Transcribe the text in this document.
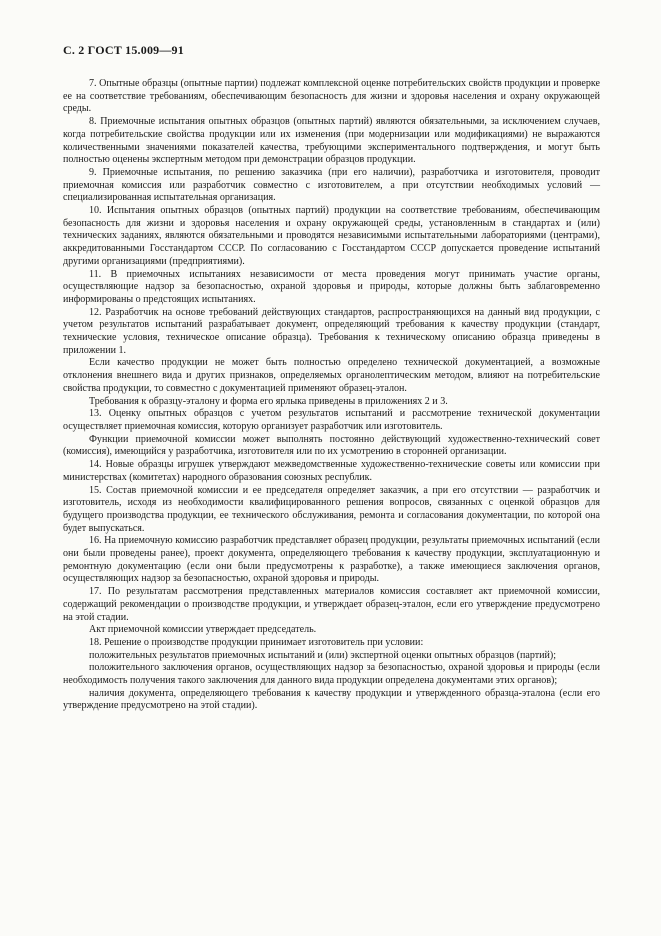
С. 2 ГОСТ 15.009—91

7. Опытные образцы (опытные партии) подлежат комплексной оценке потребительских свойств продукции и проверке ее на соответствие требованиям, обеспечивающим безопасность для жизни и здоровья населения и охрану окружающей среды.

8. Приемочные испытания опытных образцов (опытных партий) являются обязательными, за исключением случаев, когда потребительские свойства продукции или их изменения (при модернизации или модификациями) не выражаются количественными значениями показателей качества, требующими экспериментального подтверждения, и могут быть полностью оценены экспертным методом при демонстрации образцов продукции.

9. Приемочные испытания, по решению заказчика (при его наличии), разработчика и изготовителя, проводит приемочная комиссия или разработчик совместно с изготовителем, а при отсутствии необходимых условий — специализированная испытательная организация.

10. Испытания опытных образцов (опытных партий) продукции на соответствие требованиям, обеспечивающим безопасность для жизни и здоровья населения и охрану окружающей среды, установленным в стандартах и (или) технических заданиях, являются обязательными и проводятся независимыми испытательными лабораториями (центрами), аккредитованными Госстандартом СССР. По согласованию с Госстандартом СССР допускается проведение испытаний другими организациями (предприятиями).

11. В приемочных испытаниях независимости от места проведения могут принимать участие органы, осуществляющие надзор за безопасностью, охраной здоровья и природы, которые должны быть заблаговременно информированы о предстоящих испытаниях.

12. Разработчик на основе требований действующих стандартов, распространяющихся на данный вид продукции, с учетом результатов испытаний разрабатывает документ, определяющий требования к качеству продукции (стандарт, технические условия, техническое описание образца). Требования к техническому описанию образца приведены в приложении 1.

Если качество продукции не может быть полностью определено технической документацией, а возможные отклонения внешнего вида и других признаков, определяемых органолептическим методом, влияют на потребительские свойства продукции, то совместно с документацией применяют образец-эталон.

Требования к образцу-эталону и форма его ярлыка приведены в приложениях 2 и 3.

13. Оценку опытных образцов с учетом результатов испытаний и рассмотрение технической документации осуществляет приемочная комиссия, которую организует разработчик или изготовитель.

Функции приемочной комиссии может выполнять постоянно действующий художественно-технический совет (комиссия), имеющийся у разработчика, изготовителя или по их усмотрению в сторонней организации.

14. Новые образцы игрушек утверждают межведомственные художественно-технические советы или комиссии при министерствах (комитетах) народного образования союзных республик.

15. Состав приемочной комиссии и ее председателя определяет заказчик, а при его отсутствии — разработчик и изготовитель, исходя из необходимости квалифицированного решения вопросов, связанных с оценкой образцов для будущего производства продукции, ее технического обслуживания, ремонта и согласования документации, по которой она будет выпускаться.

16. На приемочную комиссию разработчик представляет образец продукции, результаты приемочных испытаний (если они были проведены ранее), проект документа, определяющего требования к качеству продукции, эксплуатационную и ремонтную документацию (если они были предусмотрены к разработке), а также имеющиеся заключения органов, осуществляющих надзор за безопасностью, охраной здоровья и природы.

17. По результатам рассмотрения представленных материалов комиссия составляет акт приемочной комиссии, содержащий рекомендации о производстве продукции, и утверждает образец-эталон, если его утверждение предусмотрено на этой стадии.

Акт приемочной комиссии утверждает председатель.

18. Решение о производстве продукции принимает изготовитель при условии:

положительных результатов приемочных испытаний и (или) экспертной оценки опытных образцов (партий);

положительного заключения органов, осуществляющих надзор за безопасностью, охраной здоровья и природы (если необходимость получения такого заключения для данного вида продукции определена документами этих органов);

наличия документа, определяющего требования к качеству продукции и утвержденного образца-эталона (если его утверждение предусмотрено на этой стадии).
